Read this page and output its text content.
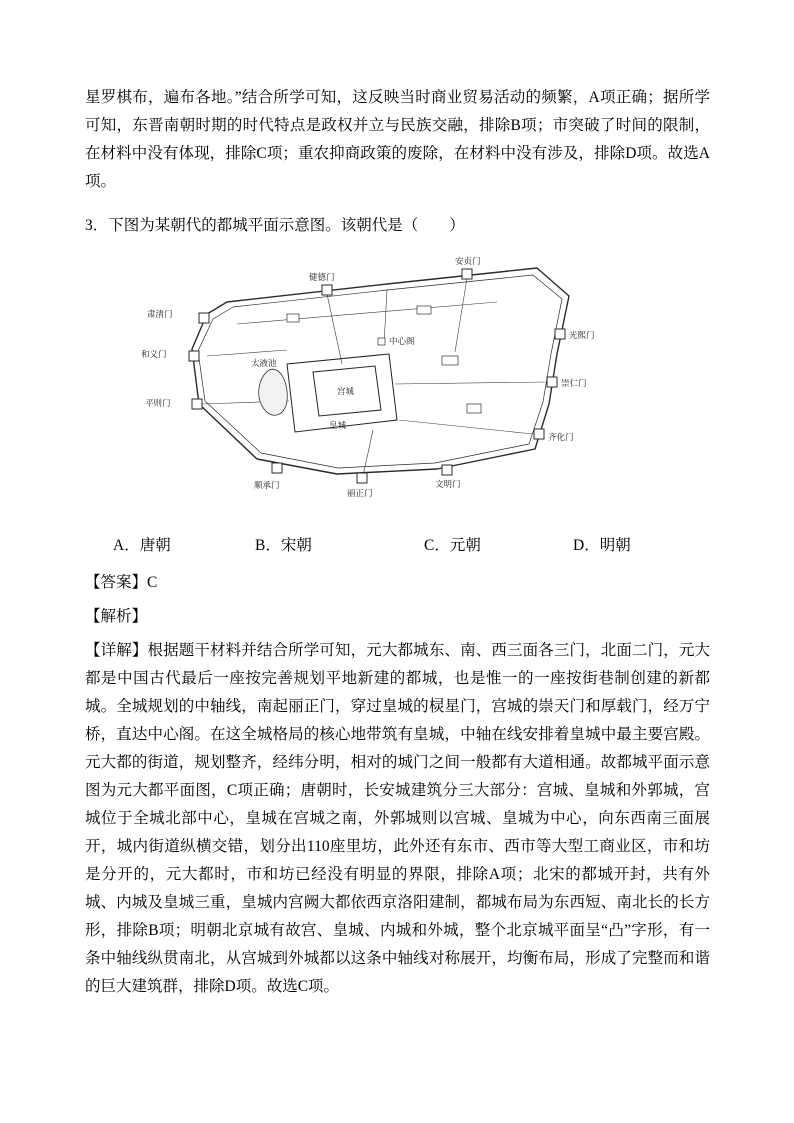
星罗棋布，遍布各地。”结合所学可知，这反映当时商业贸易活动的频繁，A项正确；据所学可知，东晋南朝时期的时代特点是政权并立与民族交融，排除B项；市突破了时间的限制，在材料中没有体现，排除C项；重农抑商政策的废除，在材料中没有涉及，排除D项。故选A项。

3．下图为某朝代的都城平面示意图。该朝代是（　　）

健德门
安贞门
肃清门
和义门
平则门
光熙门
崇仁门
齐化门
顺承门
丽正门
文明门
中心阁
太液池
宫城
皇城
A．唐朝	B．宋朝	C．元朝	D．明朝

【答案】C

【解析】

【详解】根据题干材料并结合所学可知，元大都城东、南、西三面各三门，北面二门，元大都是中国古代最后一座按完善规划平地新建的都城，也是惟一的一座按街巷制创建的新都城。全城规划的中轴线，南起丽正门，穿过皇城的棂星门，宫城的崇天门和厚载门，经万宁桥，直达中心阁。在这全城格局的核心地带筑有皇城，中轴在线安排着皇城中最主要宫殿。元大都的街道，规划整齐，经纬分明，相对的城门之间一般都有大道相通。故都城平面示意图为元大都平面图，C项正确；唐朝时，长安城建筑分三大部分：宫城、皇城和外郭城，宫城位于全城北部中心，皇城在宫城之南，外郭城则以宫城、皇城为中心，向东西南三面展开，城内街道纵横交错，划分出110座里坊，此外还有东市、西市等大型工商业区，市和坊是分开的，元大都时，市和坊已经没有明显的界限，排除A项；北宋的都城开封，共有外城、内城及皇城三重，皇城内宫阙大都依西京洛阳建制，都城布局为东西短、南北长的长方形，排除B项；明朝北京城有故宫、皇城、内城和外城，整个北京城平面呈“凸”字形，有一条中轴线纵贯南北，从宫城到外城都以这条中轴线对称展开，均衡布局，形成了完整而和谐的巨大建筑群，排除D项。故选C项。
